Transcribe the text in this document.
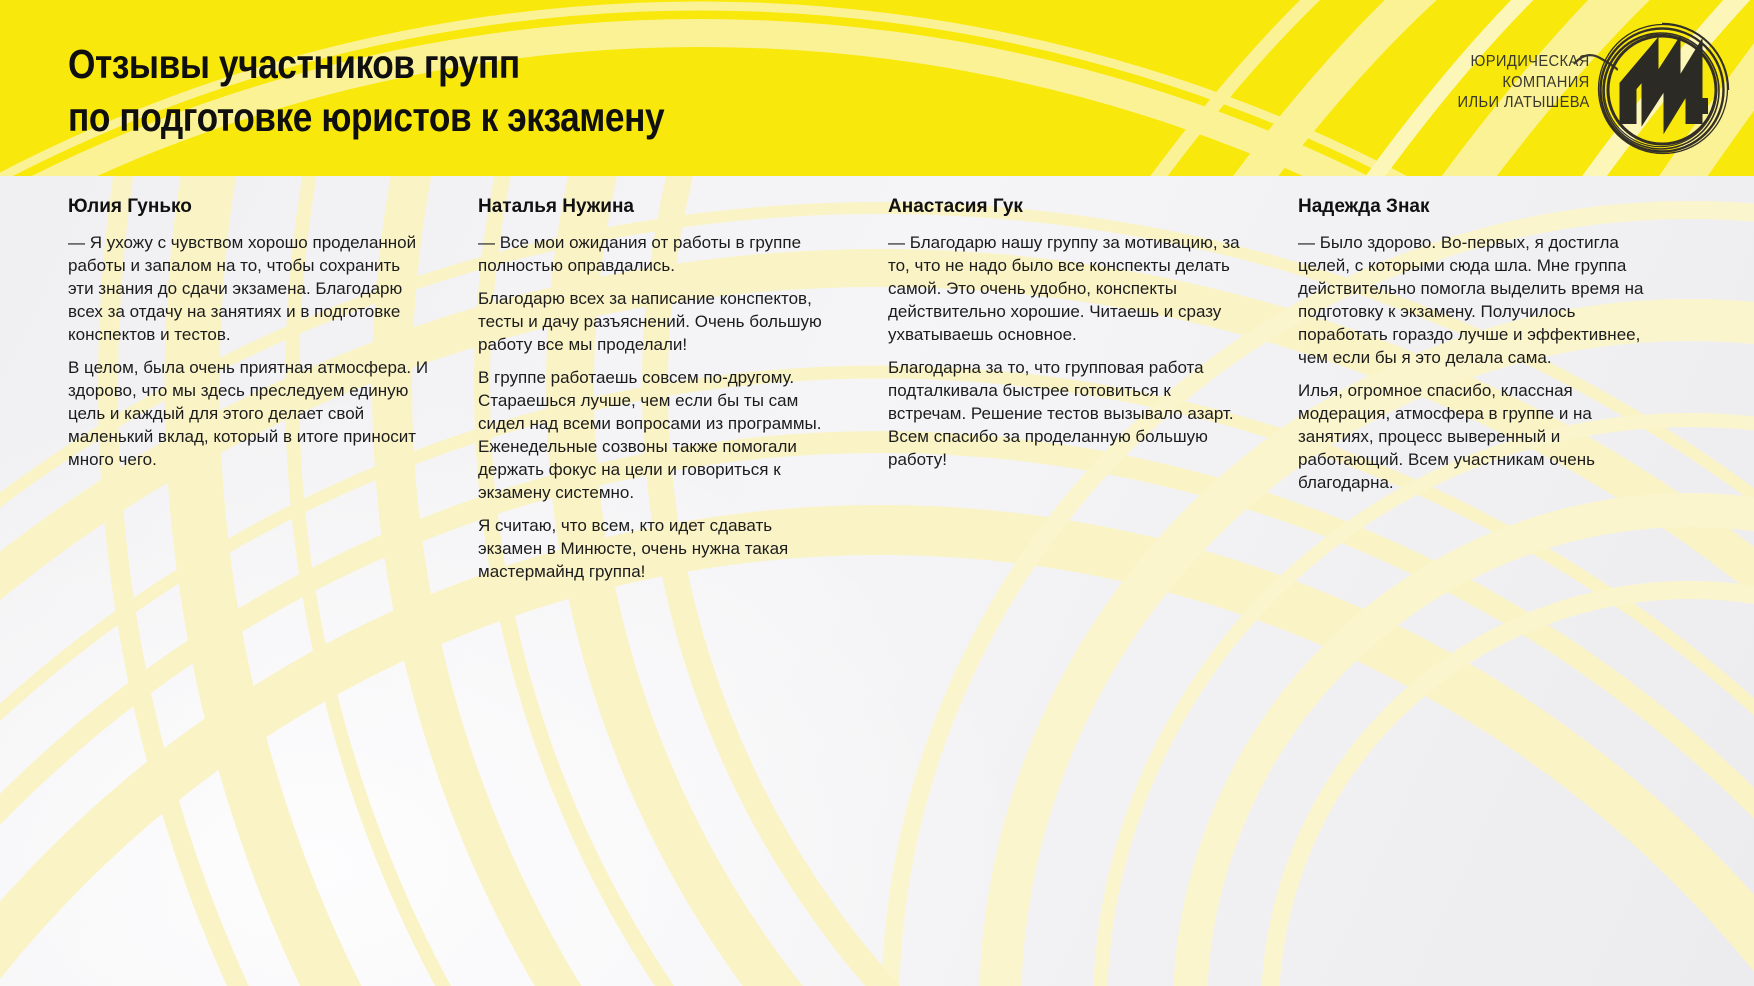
Отзывы участников групп
по подготовке юристов к экзамену
ЮРИДИЧЕСКАЯ
КОМПАНИЯ
ИЛЬИ ЛАТЫШЕВА
Юлия Гунько

— Я ухожу с чувством хорошо проделанной работы и запалом на то, чтобы сохранить эти знания до сдачи экзамена. Благодарю всех за отдачу на занятиях и в подготовке конспектов и тестов.

В целом, была очень приятная атмосфера. И здорово, что мы здесь преследуем единую цель и каждый для этого делает свой маленький вклад, который в итоге приносит много чего.

Наталья Нужина

— Все мои ожидания от работы в группе полностью оправдались.

Благодарю всех за написание конспектов, тесты и дачу разъяснений. Очень большую работу все мы проделали!

В группе работаешь совсем по-другому. Стараешься лучше, чем если бы ты сам сидел над всеми вопросами из программы. Еженедельные созвоны также помогали держать фокус на цели и говориться к экзамену системно.

Я считаю, что всем, кто идет сдавать экзамен в Минюсте, очень нужна такая мастермайнд группа!

Анастасия Гук

— Благодарю нашу группу за мотивацию, за то, что не надо было все конспекты делать самой. Это очень удобно, конспекты действительно хорошие. Читаешь и сразу ухватываешь основное.

Благодарна за то, что групповая работа подталкивала быстрее готовиться к встречам. Решение тестов вызывало азарт. Всем спасибо за проделанную большую работу!

Надежда Знак

— Было здорово. Во-первых, я достигла целей, с которыми сюда шла. Мне группа действительно помогла выделить время на подготовку к экзамену. Получилось поработать гораздо лучше и эффективнее, чем если бы я это делала сама.

Илья, огромное спасибо, классная модерация, атмосфера в группе и на занятиях, процесс выверенный и работающий. Всем участникам очень благодарна.
